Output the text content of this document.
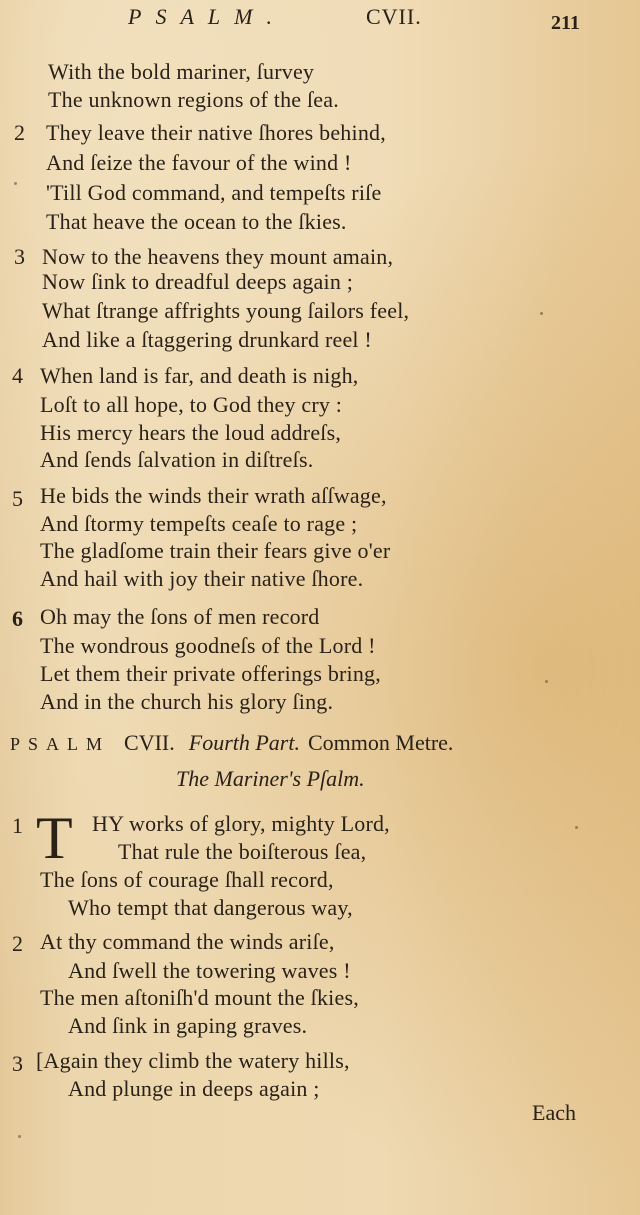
PSALM.	CVII.	211
With the bold mariner, ſurvey
The unknown regions of the ſea.
2 They leave their native ſhores behind,
And ſeize the favour of the wind !
'Till God command, and tempeſts riſe
That heave the ocean to the ſkies.
3 Now to the heavens they mount amain,
Now ſink to dreadful deeps again ;
What ſtrange affrights young ſailors feel,
And like a ſtaggering drunkard reel !
4 When land is far, and death is nigh,
Loſt to all hope, to God they cry :
His mercy hears the loud addreſs,
And ſends ſalvation in diſtreſs.
5 He bids the winds their wrath aſſwage,
And ſtormy tempeſts ceaſe to rage ;
The gladſome train their fears give o'er
And hail with joy their native ſhore.
6 Oh may the ſons of men record
The wondrous goodneſs of the Lord !
Let them their private offerings bring,
And in the church his glory ſing.
PSALM CVII. Fourth Part. Common Metre.
The Mariner's Pſalm.
1 T HY works of glory, mighty Lord,
That rule the boiſterous ſea,
The ſons of courage ſhall record,
Who tempt that dangerous way,
2 At thy command the winds ariſe,
And ſwell the towering waves !
The men aſtoniſh'd mount the ſkies,
And ſink in gaping graves.
3 [Again they climb the watery hills,
And plunge in deeps again ;
Each
